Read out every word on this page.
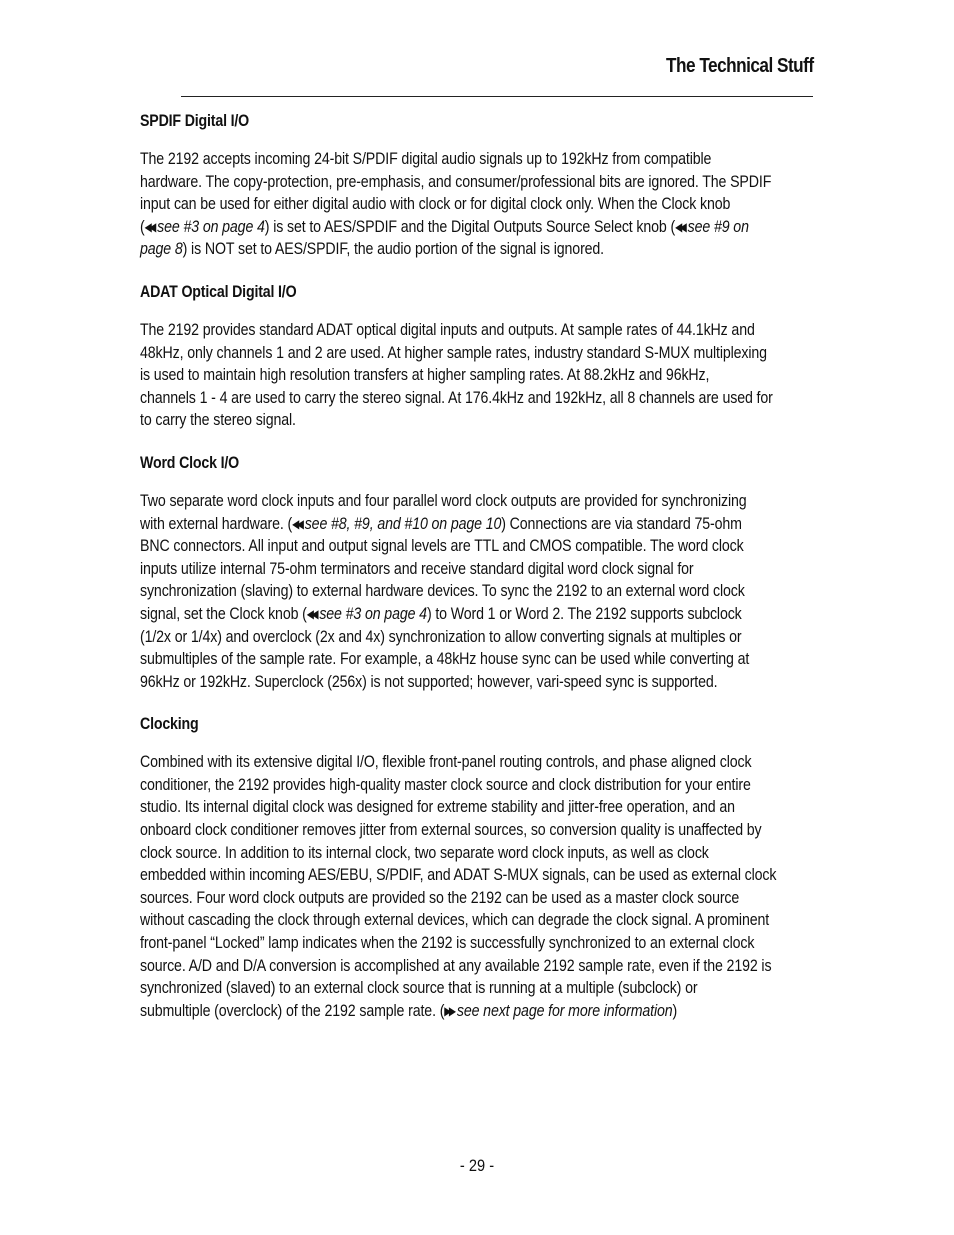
The Technical Stuff
SPDIF Digital I/O
The 2192 accepts incoming 24-bit S/PDIF digital audio signals up to 192kHz from compatible
hardware. The copy-protection, pre-emphasis, and consumer/professional bits are ignored. The SPDIF
input can be used for either digital audio with clock or for digital clock only. When the Clock knob
(◀◀ see #3 on page 4) is set to AES/SPDIF and the Digital Outputs Source Select knob (◀◀ see #9 on
page 8) is NOT set to AES/SPDIF, the audio portion of the signal is ignored.
ADAT Optical Digital I/O
The 2192 provides standard ADAT optical digital inputs and outputs. At sample rates of 44.1kHz and
48kHz, only channels 1 and 2 are used. At higher sample rates, industry standard S-MUX multiplexing
is used to maintain high resolution transfers at higher sampling rates. At 88.2kHz and 96kHz,
channels 1 - 4 are used to carry the stereo signal. At 176.4kHz and 192kHz, all 8 channels are used for
to carry the stereo signal.
Word Clock I/O
Two separate word clock inputs and four parallel word clock outputs are provided for synchronizing
with external hardware. (◀◀ see #8, #9, and #10 on page 10) Connections are via standard 75-ohm
BNC connectors. All input and output signal levels are TTL and CMOS compatible. The word clock
inputs utilize internal 75-ohm terminators and receive standard digital word clock signal for
synchronization (slaving) to external hardware devices. To sync the 2192 to an external word clock
signal, set the Clock knob (◀◀ see #3 on page 4) to Word 1 or Word 2. The 2192 supports subclock
(1/2x or 1/4x) and overclock (2x and 4x) synchronization to allow converting signals at multiples or
submultiples of the sample rate. For example, a 48kHz house sync can be used while converting at
96kHz or 192kHz. Superclock (256x) is not supported; however, vari-speed sync is supported.
Clocking
Combined with its extensive digital I/O, flexible front-panel routing controls, and phase aligned clock
conditioner, the 2192 provides high-quality master clock source and clock distribution for your entire
studio. Its internal digital clock was designed for extreme stability and jitter-free operation, and an
onboard clock conditioner removes jitter from external sources, so conversion quality is unaffected by
clock source. In addition to its internal clock, two separate word clock inputs, as well as clock
embedded within incoming AES/EBU, S/PDIF, and ADAT S-MUX signals, can be used as external clock
sources. Four word clock outputs are provided so the 2192 can be used as a master clock source
without cascading the clock through external devices, which can degrade the clock signal. A prominent
front-panel “Locked” lamp indicates when the 2192 is successfully synchronized to an external clock
source. A/D and D/A conversion is accomplished at any available 2192 sample rate, even if the 2192 is
synchronized (slaved) to an external clock source that is running at a multiple (subclock) or
submultiple (overclock) of the 2192 sample rate. (▶▶ see next page for more information)
- 29 -
